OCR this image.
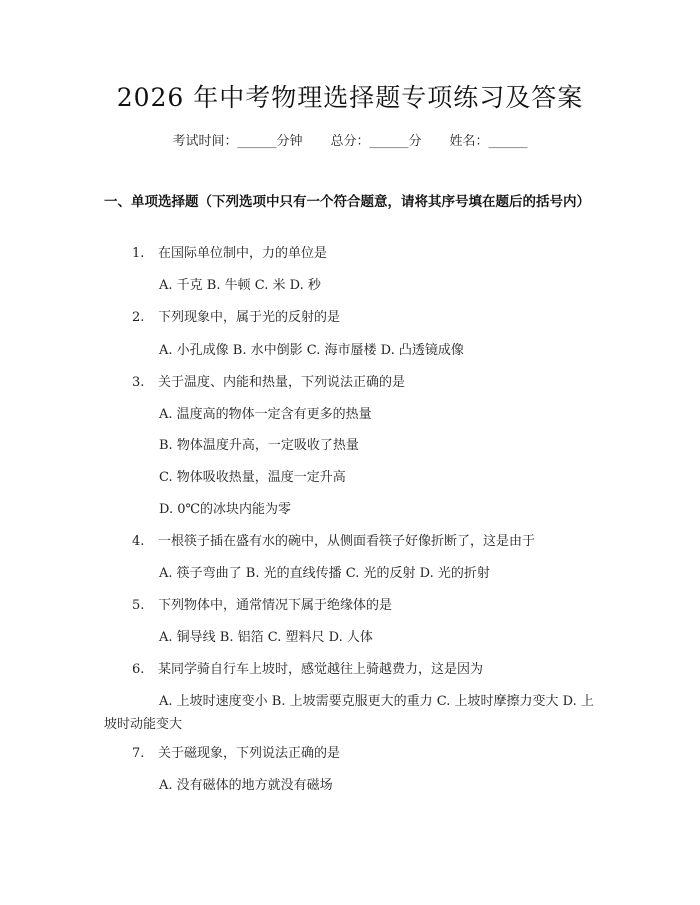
2026 年中考物理选择题专项练习及答案
考试时间：______分钟 总分：______分 姓名：______
一、单项选择题（下列选项中只有一个符合题意，请将其序号填在题后的括号内）
1. 在国际单位制中，力的单位是
A. 千克 B. 牛顿 C. 米 D. 秒
2. 下列现象中，属于光的反射的是
A. 小孔成像 B. 水中倒影 C. 海市蜃楼 D. 凸透镜成像
3. 关于温度、内能和热量，下列说法正确的是
A. 温度高的物体一定含有更多的热量
B. 物体温度升高，一定吸收了热量
C. 物体吸收热量，温度一定升高
D. 0℃的冰块内能为零
4. 一根筷子插在盛有水的碗中，从侧面看筷子好像折断了，这是由于
A. 筷子弯曲了 B. 光的直线传播 C. 光的反射 D. 光的折射
5. 下列物体中，通常情况下属于绝缘体的是
A. 铜导线 B. 铝箔 C. 塑料尺 D. 人体
6. 某同学骑自行车上坡时，感觉越往上骑越费力，这是因为
A. 上坡时速度变小 B. 上坡需要克服更大的重力 C. 上坡时摩擦力变大 D. 上坡时动能变大
7. 关于磁现象，下列说法正确的是
A. 没有磁体的地方就没有磁场
